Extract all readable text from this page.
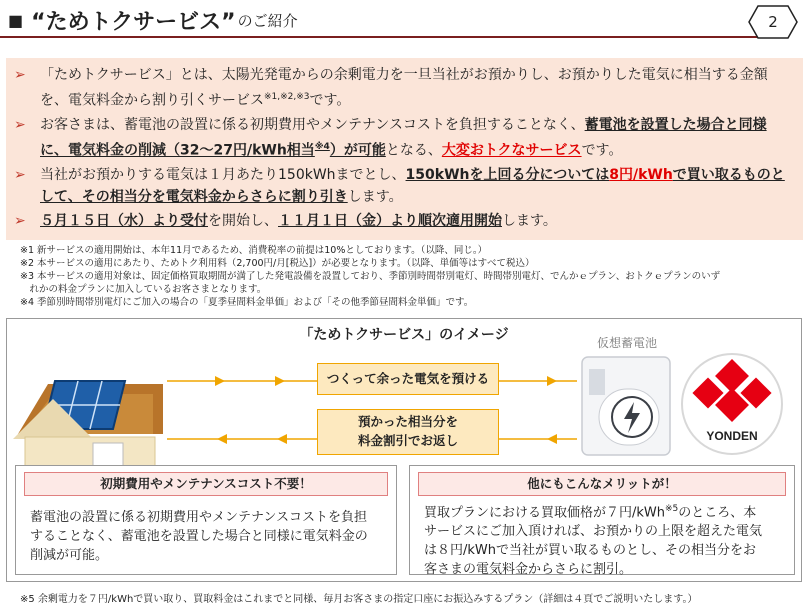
■ “ためトクサービス” のご紹介	2
➢ 「ためトクサービス」とは、太陽光発電からの余剰電力を一旦当社がお預かりし、お預かりした電気に相当する金額を、電気料金から割り引くサービス$^{※1,※2,※3}$です。
➢ お客さまは、蓄電池の設置に係る初期費用やメンテナンスコストを負担することなく、蓄電池を設置した場合と同様に、電気料金の削減（32～27円/kWh相当$^{※4}$）が可能となる、大変おトクなサービスです。
➢ 当社がお預かりする電気は１月あたり150kWhまでとし、150kWhを上回る分については8円/kWhで買い取るものとして、その相当分を電気料金からさらに割り引きします。
➢ ５月１５日（水）より受付を開始し、１１月１日（金）より順次適用開始します。
※1 新サービスの適用開始は、本年11月であるため、消費税率の前提は10%としております。（以降、同じ。）
※2 本サービスの適用にあたり、ためトク利用料（2,700円/月[税込]）が必要となります。（以降、単価等はすべて税込）
※3 本サービスの適用対象は、固定価格買取期間が満了した発電設備を設置しており、季節別時間帯別電灯、時間帯別電灯、でんかｅプラン、おトクｅプランのいず
　れかの料金プランに加入しているお客さまとなります。
※4 季節別時間帯別電灯にご加入の場合の「夏季昼間料金単価」および「その他季節昼間料金単価」です。
「ためトクサービス」のイメージ
つくって余った電気を預ける
預かった相当分を
料金割引でお返し
仮想蓄電池
YONDEN
初期費用やメンテナンスコスト不要！
蓄電池の設置に係る初期費用やメンテナンスコストを負担
することなく、蓄電池を設置した場合と同様に電気料金の
削減が可能。
他にもこんなメリットが！
買取プランにおける買取価格が７円/kWh$^{※5}$のところ、本
サービスにご加入頂ければ、お預かりの上限を超えた電気
は８円/kWhで当社が買い取るものとし、その相当分をお
客さまの電気料金からさらに割引。
※5 余剰電力を７円/kWhで買い取り、買取料金はこれまでと同様、毎月お客さまの指定口座にお振込みするプラン（詳細は４頁でご説明いたします。）
